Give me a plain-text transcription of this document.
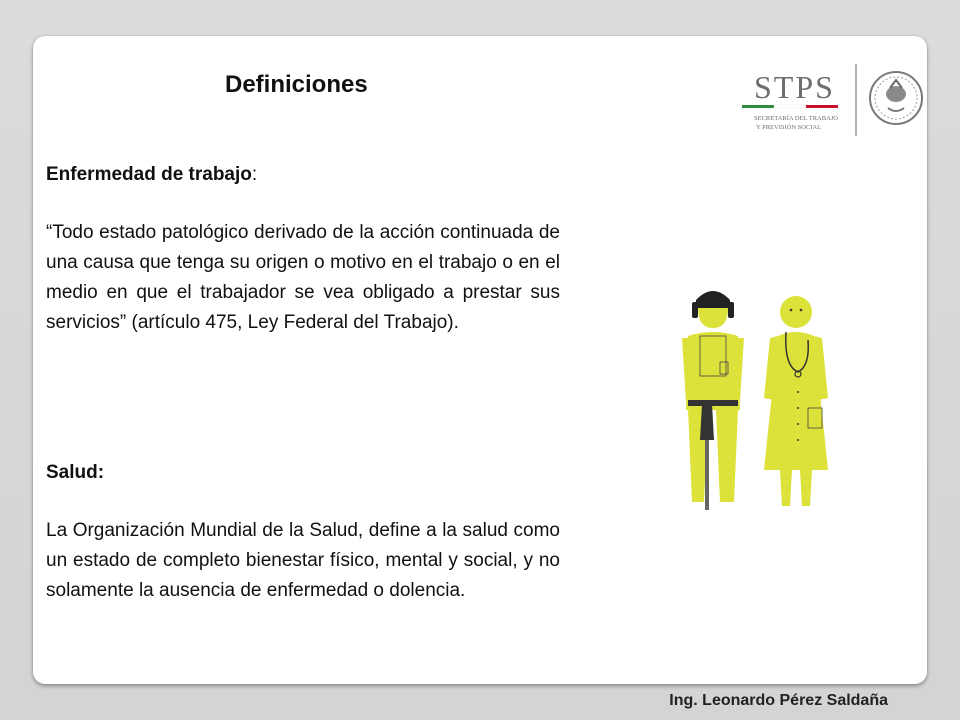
Definiciones
Enfermedad de trabajo:
“Todo estado patológico derivado de la acción continuada de una causa que tenga su origen o motivo en el trabajo o en el medio en que el trabajador se vea obligado a prestar sus servicios” (artículo 475, Ley Federal del Trabajo).
Salud:
La Organización Mundial de la Salud, define a la salud como un estado de completo bienestar físico, mental y social, y no solamente la ausencia de enfermedad o dolencia.
STPS
SECRETARÍA DEL TRABAJO
Y PREVISIÓN SOCIAL
Ing. Leonardo Pérez Saldaña
